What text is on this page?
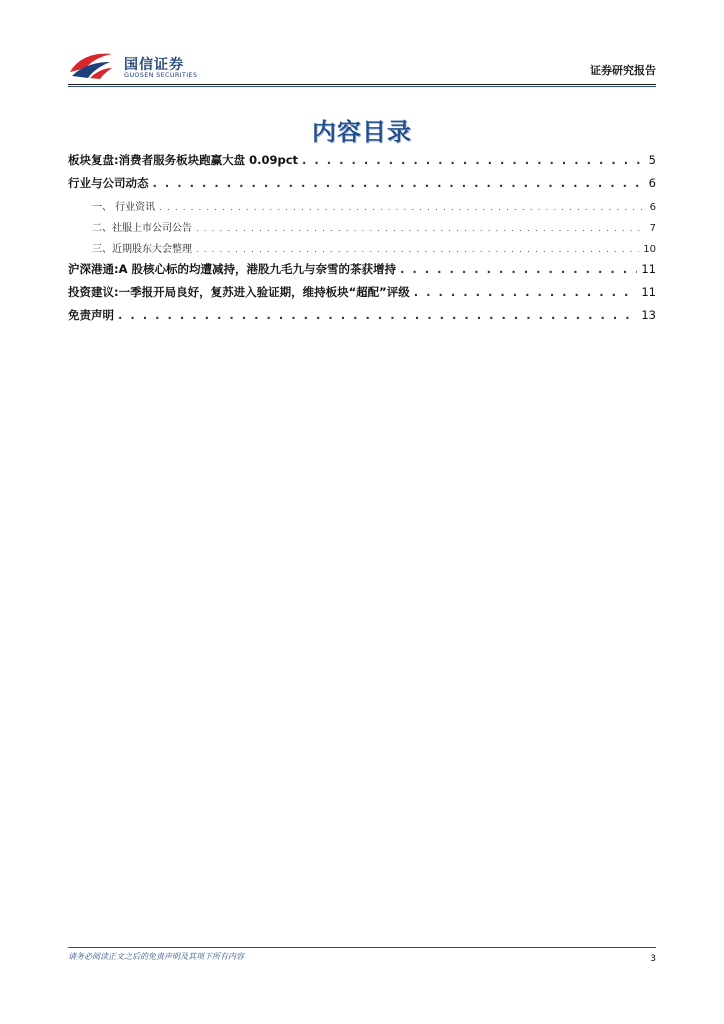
国信证券
GUOSEN SECURITIES	证券研究报告
内容目录
板块复盘:消费者服务板块跑赢大盘 0.09pct . . .	5
行业与公司动态 . . .	6
一、 行业资讯 . . .	6
二、社服上市公司公告 . . .	7
三、近期股东大会整理 . . .	10
沪深港通:A 股核心标的均遭减持，港股九毛九与奈雪的茶获增持 . . .	11
投资建议:一季报开局良好，复苏进入验证期，维持板块“超配”评级 . . .	11
免责声明 . . .	13
请务必阅读正文之后的免责声明及其项下所有内容	3
